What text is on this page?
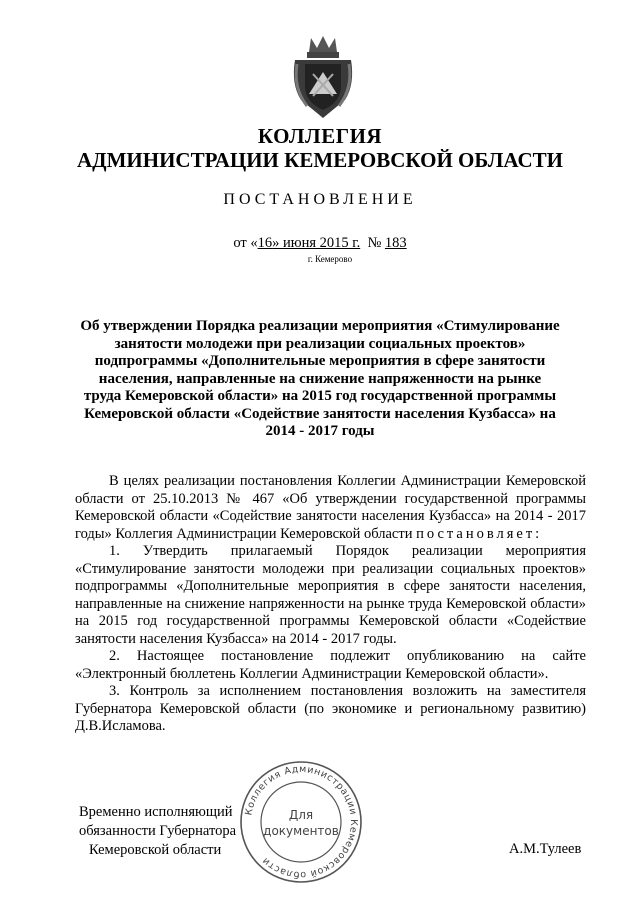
КОЛЛЕГИЯ
АДМИНИСТРАЦИИ КЕМЕРОВСКОЙ ОБЛАСТИ
ПОСТАНОВЛЕНИЕ
от «16» июня 2015 г. № 183
г. Кемерово
Об утверждении Порядка реализации мероприятия «Стимулирование занятости молодежи при реализации социальных проектов» подпрограммы «Дополнительные мероприятия в сфере занятости населения, направленные на снижение напряженности на рынке труда Кемеровской области» на 2015 год государственной программы Кемеровской области «Содействие занятости населения Кузбасса» на 2014 - 2017 годы

В целях реализации постановления Коллегии Администрации Кемеровской области от 25.10.2013 № 467 «Об утверждении государственной программы Кемеровской области «Содействие занятости населения Кузбасса» на 2014 - 2017 годы» Коллегия Администрации Кемеровской области постановляет:

1. Утвердить прилагаемый Порядок реализации мероприятия «Стимулирование занятости молодежи при реализации социальных проектов» подпрограммы «Дополнительные мероприятия в сфере занятости населения, направленные на снижение напряженности на рынке труда Кемеровской области» на 2015 год государственной программы Кемеровской области «Содействие занятости населения Кузбасса» на 2014 - 2017 годы.

2. Настоящее постановление подлежит опубликованию на сайте «Электронный бюллетень Коллегии Администрации Кемеровской области».

3. Контроль за исполнением постановления возложить на заместителя Губернатора Кемеровской области (по экономике и региональному развитию) Д.В.Исламова.

Временно исполняющий
обязанности Губернатора
Кемеровской области	А.М.Тулеев
Коллегия Администрации Кемеровской области
Для
документов
